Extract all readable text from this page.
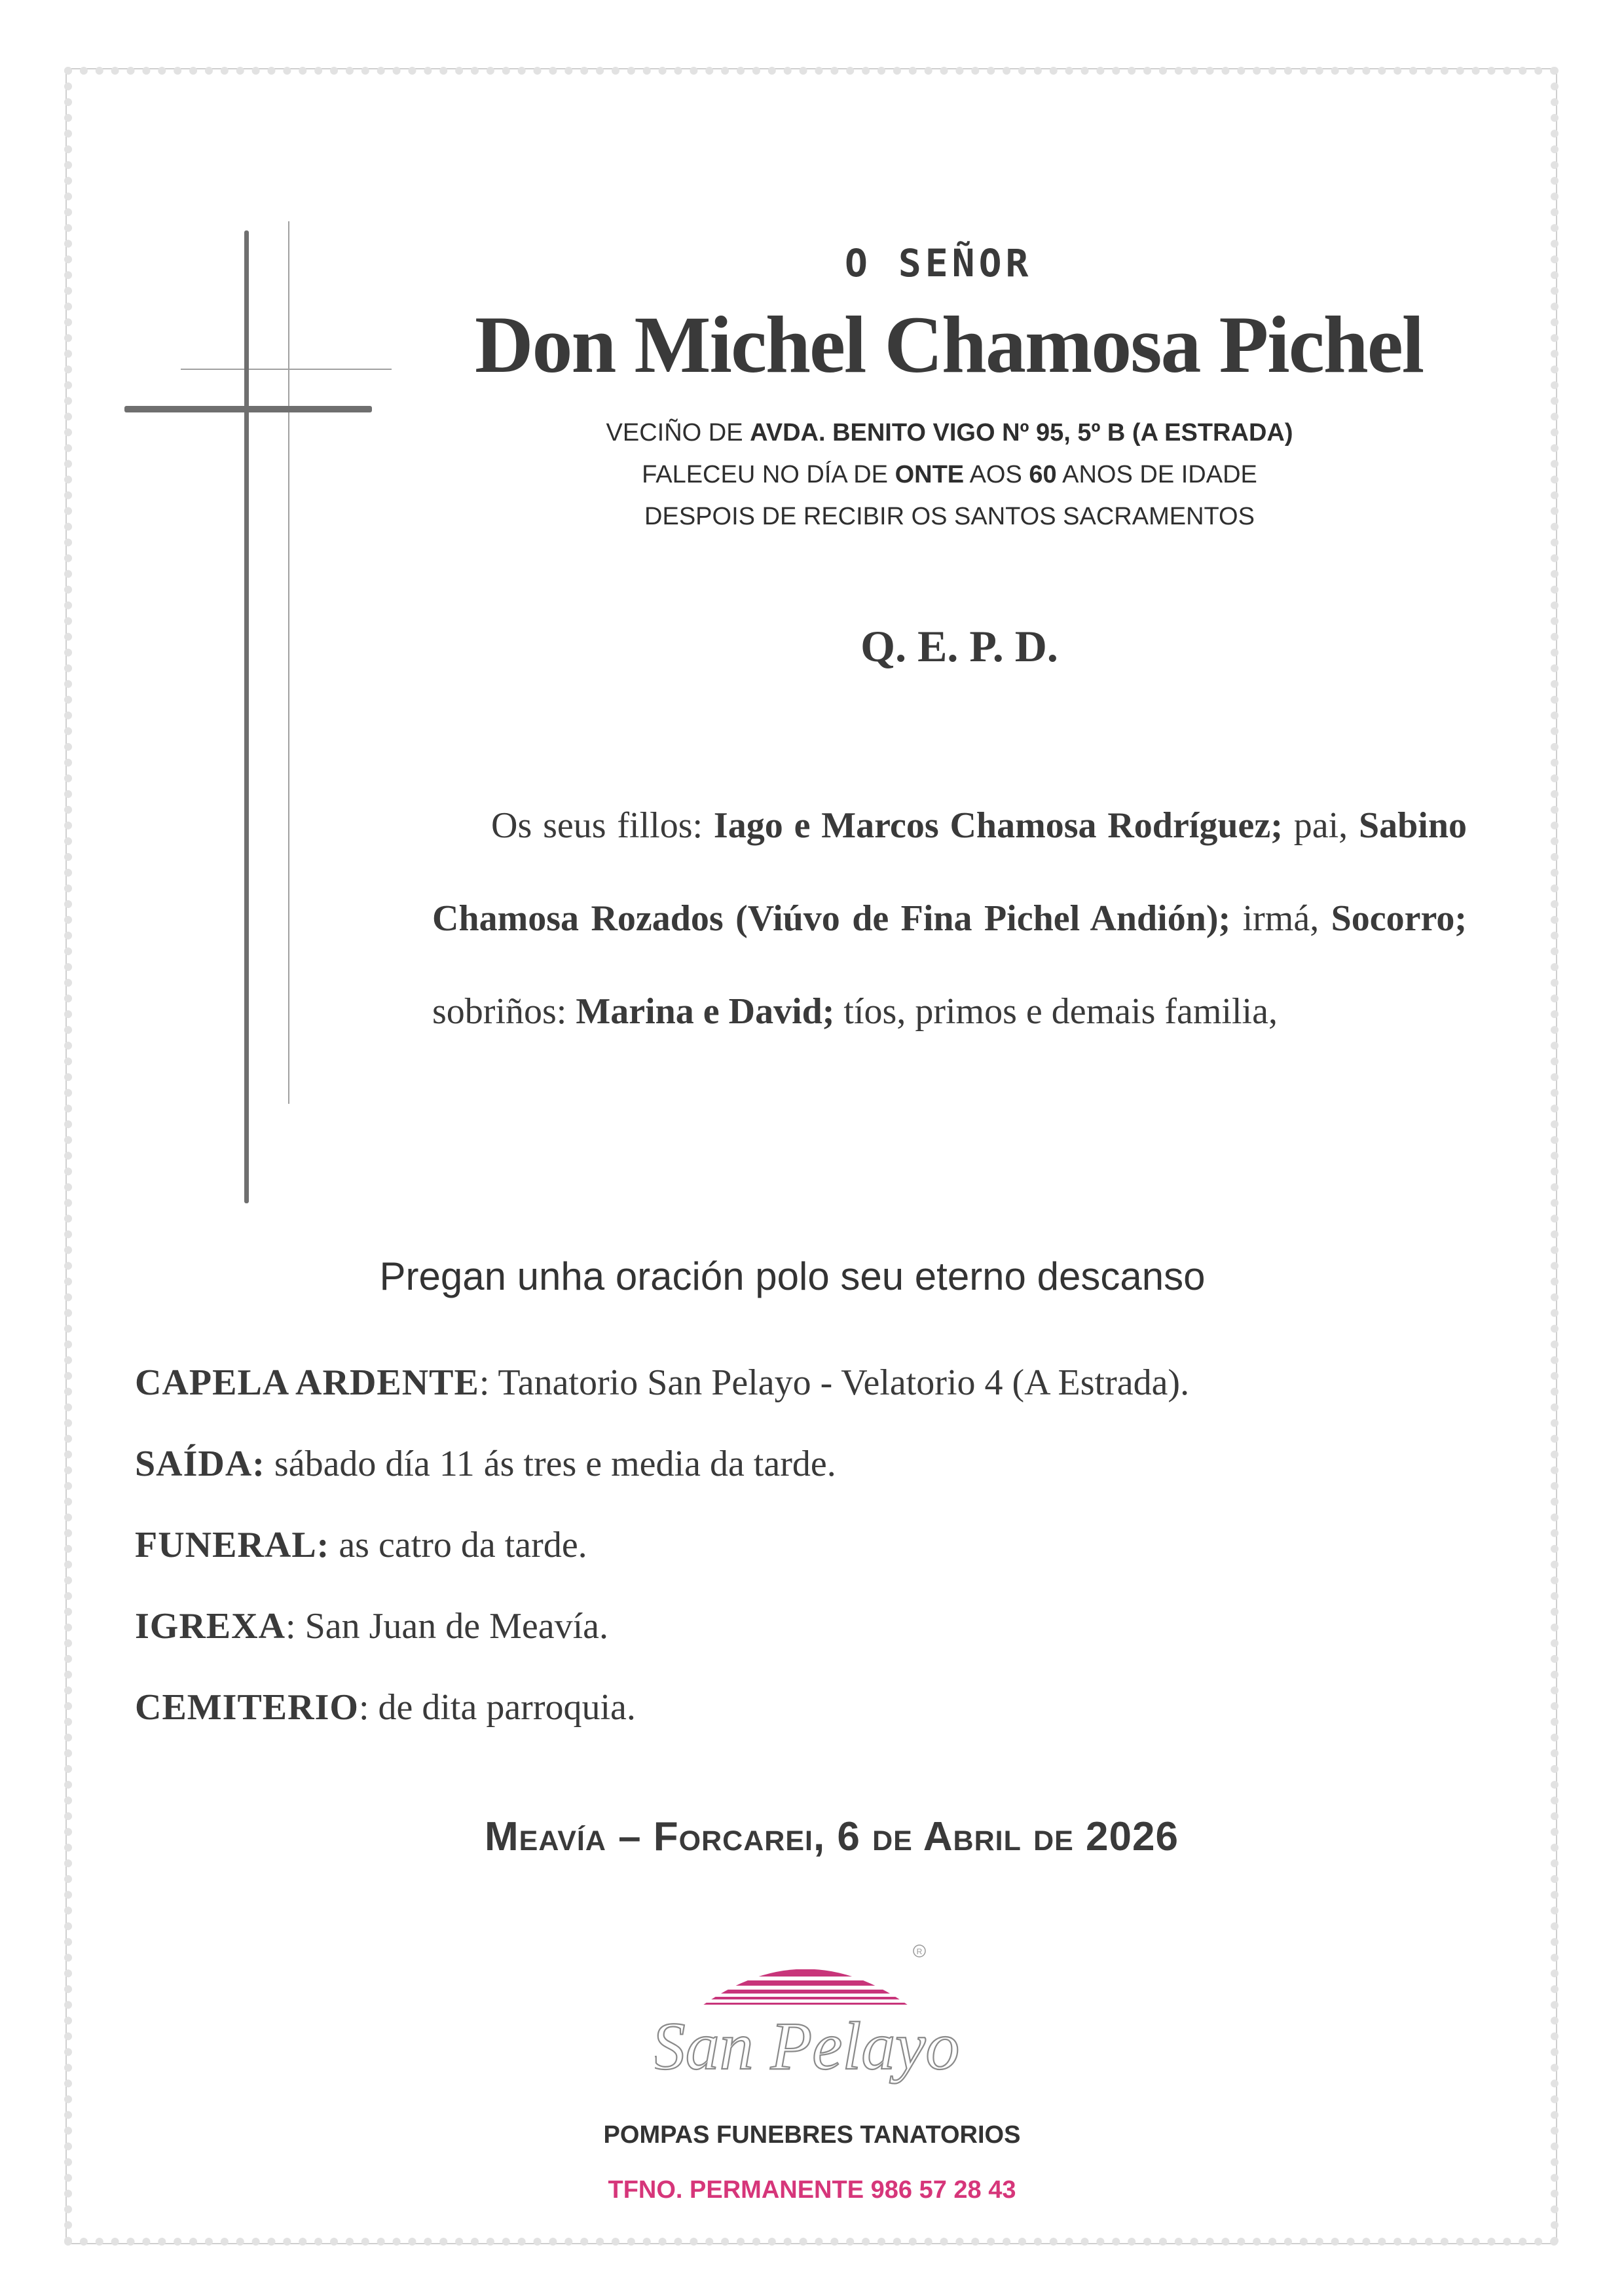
O SEÑOR
Don Michel Chamosa Pichel
VECIÑO DE AVDA. BENITO VIGO Nº 95, 5º B (A ESTRADA)
FALECEU NO DÍA DE ONTE AOS 60 ANOS DE IDADE
DESPOIS DE RECIBIR OS SANTOS SACRAMENTOS
Q. E. P. D.
Os seus fillos: Iago e Marcos Chamosa Rodríguez; pai, Sabino Chamosa Rozados (Viúvo de Fina Pichel Andión); irmá, Socorro; sobriños: Marina e David; tíos, primos e demais familia,
Pregan unha oración polo seu eterno descanso
CAPELA ARDENTE: Tanatorio San Pelayo - Velatorio 4 (A Estrada).
SAÍDA: sábado día 11 ás tres e media da tarde.
FUNERAL: as catro da tarde.
IGREXA: San Juan de Meavía.
CEMITERIO: de dita parroquia.
Meavía – Forcarei, 6 de Abril de 2026
R
San Pelayo
POMPAS FUNEBRES TANATORIOS
TFNO. PERMANENTE 986 57 28 43
